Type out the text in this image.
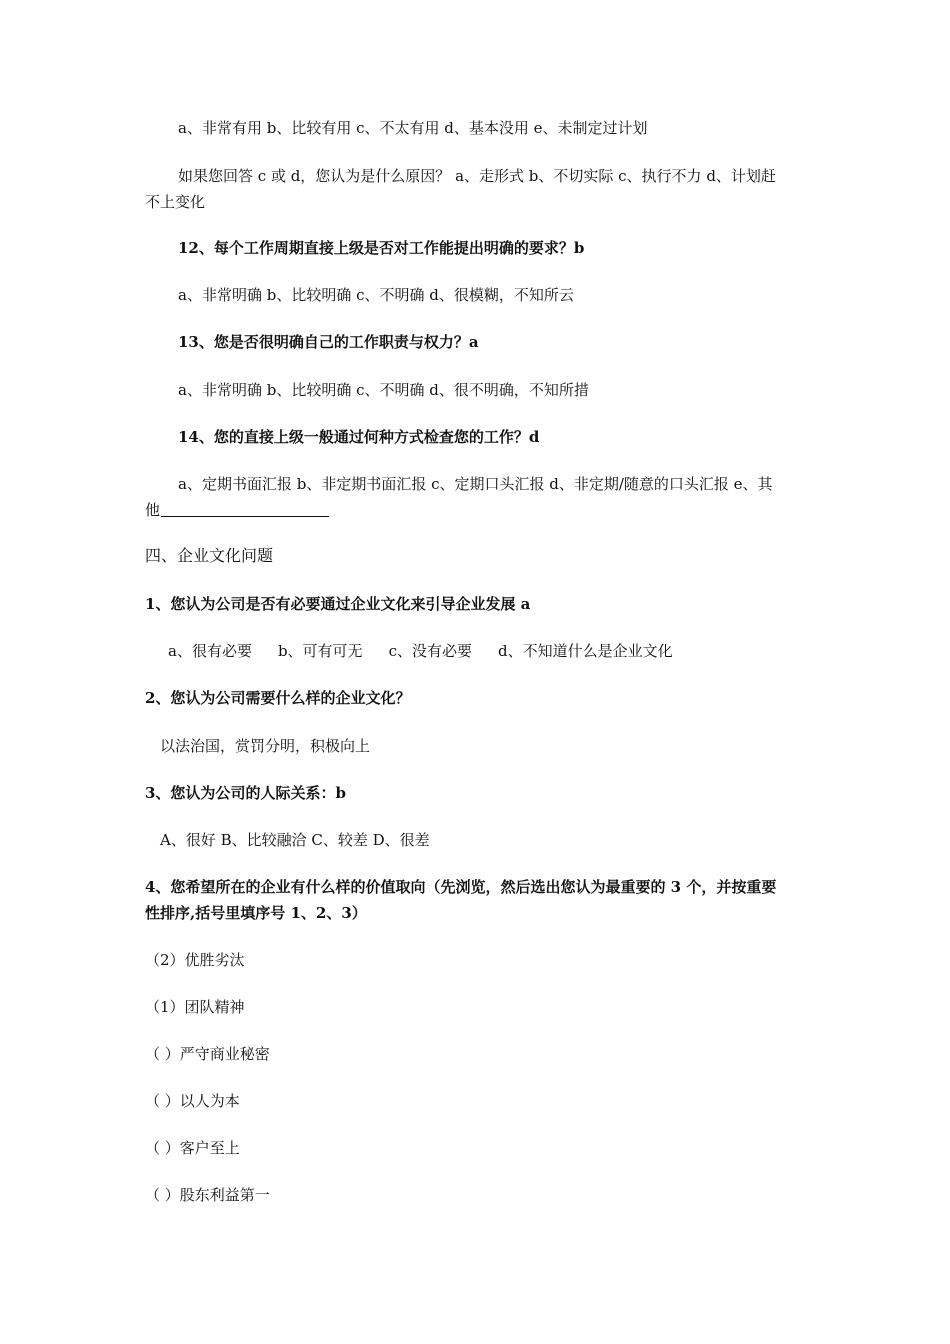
a、非常有用 b、比较有用 c、不太有用 d、基本没用 e、未制定过计划
如果您回答 c 或 d，您认为是什么原因？ a、走形式 b、不切实际 c、执行不力 d、计划赶
不上变化
12、每个工作周期直接上级是否对工作能提出明确的要求？b
a、非常明确 b、比较明确 c、不明确 d、很模糊，不知所云
13、您是否很明确自己的工作职责与权力？a
a、非常明确 b、比较明确 c、不明确 d、很不明确，不知所措
14、您的直接上级一般通过何种方式检查您的工作？d
a、定期书面汇报 b、非定期书面汇报 c、定期口头汇报 d、非定期/随意的口头汇报 e、其
他
四、企业文化问题
1、您认为公司是否有必要通过企业文化来引导企业发展 a
a、很有必要 b、可有可无 c、没有必要 d、不知道什么是企业文化
2、您认为公司需要什么样的企业文化？
以法治国，赏罚分明，积极向上
3、您认为公司的人际关系：b
A、很好 B、比较融洽 C、较差 D、很差
4、您希望所在的企业有什么样的价值取向（先浏览，然后选出您认为最重要的 3 个，并按重要
性排序,括号里填序号 1、2、3）
（2）优胜劣汰
（1）团队精神
（ ）严守商业秘密
（ ）以人为本
（ ）客户至上
（ ）股东利益第一
